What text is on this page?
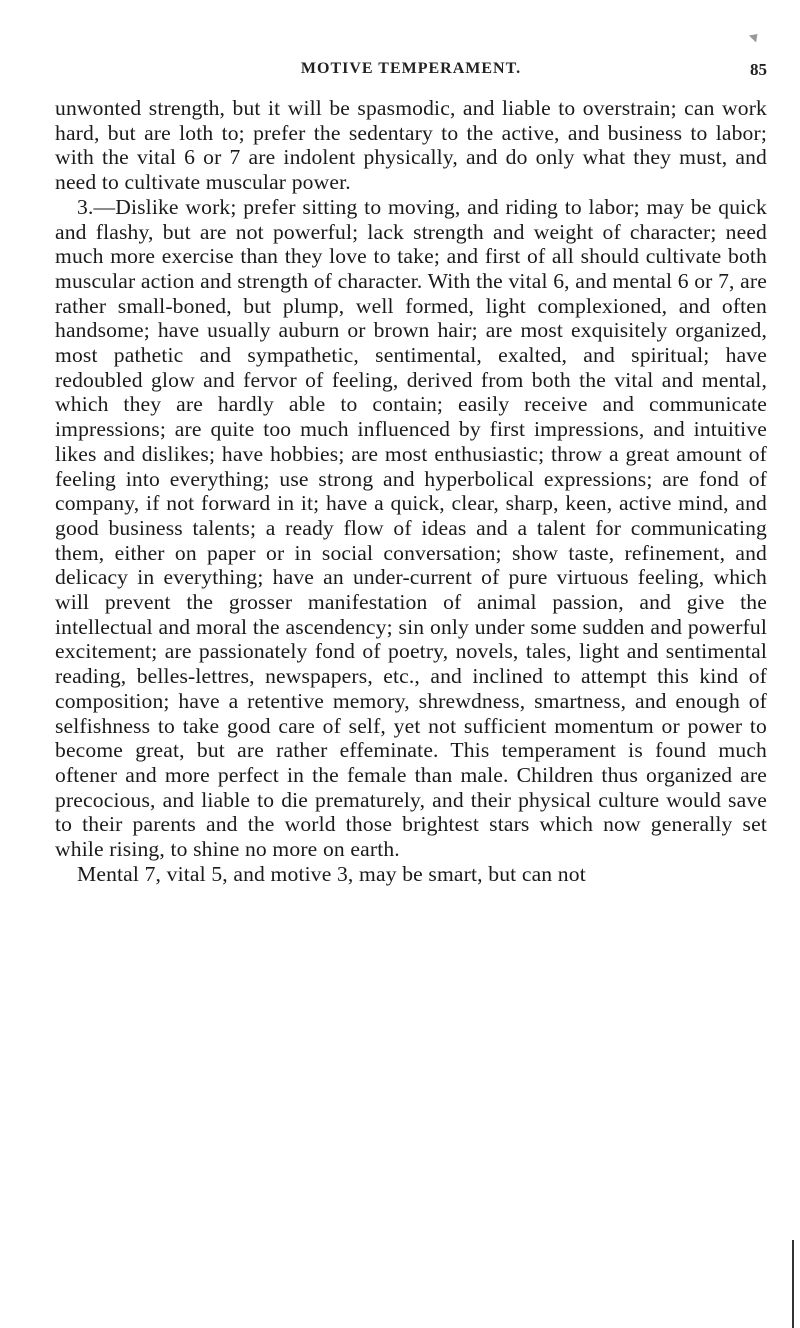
MOTIVE TEMPERAMENT.	85

unwonted strength, but it will be spasmodic, and liable to overstrain; can work hard, but are loth to; prefer the sedentary to the active, and business to labor; with the vital 6 or 7 are indolent physically, and do only what they must, and need to cultivate muscular power.

3.—Dislike work; prefer sitting to moving, and riding to labor; may be quick and flashy, but are not powerful; lack strength and weight of character; need much more exercise than they love to take; and first of all should cultivate both muscular action and strength of character. With the vital 6, and mental 6 or 7, are rather small-boned, but plump, well formed, light complexioned, and often handsome; have usually auburn or brown hair; are most exquisitely organized, most pathetic and sympathetic, sentimental, exalted, and spiritual; have redoubled glow and fervor of feeling, derived from both the vital and mental, which they are hardly able to contain; easily receive and communicate impressions; are quite too much influenced by first impressions, and intuitive likes and dislikes; have hobbies; are most enthusiastic; throw a great amount of feeling into everything; use strong and hyperbolical expressions; are fond of company, if not forward in it; have a quick, clear, sharp, keen, active mind, and good business talents; a ready flow of ideas and a talent for communicating them, either on paper or in social conversation; show taste, refinement, and delicacy in everything; have an under-current of pure virtuous feeling, which will prevent the grosser manifestation of animal passion, and give the intellectual and moral the ascendency; sin only under some sudden and powerful excitement; are passionately fond of poetry, novels, tales, light and sentimental reading, belles-lettres, newspapers, etc., and inclined to attempt this kind of composition; have a retentive memory, shrewdness, smartness, and enough of selfishness to take good care of self, yet not sufficient momentum or power to become great, but are rather effeminate. This temperament is found much oftener and more perfect in the female than male. Children thus organized are precocious, and liable to die prematurely, and their physical culture would save to their parents and the world those brightest stars which now generally set while rising, to shine no more on earth.

Mental 7, vital 5, and motive 3, may be smart, but can not
